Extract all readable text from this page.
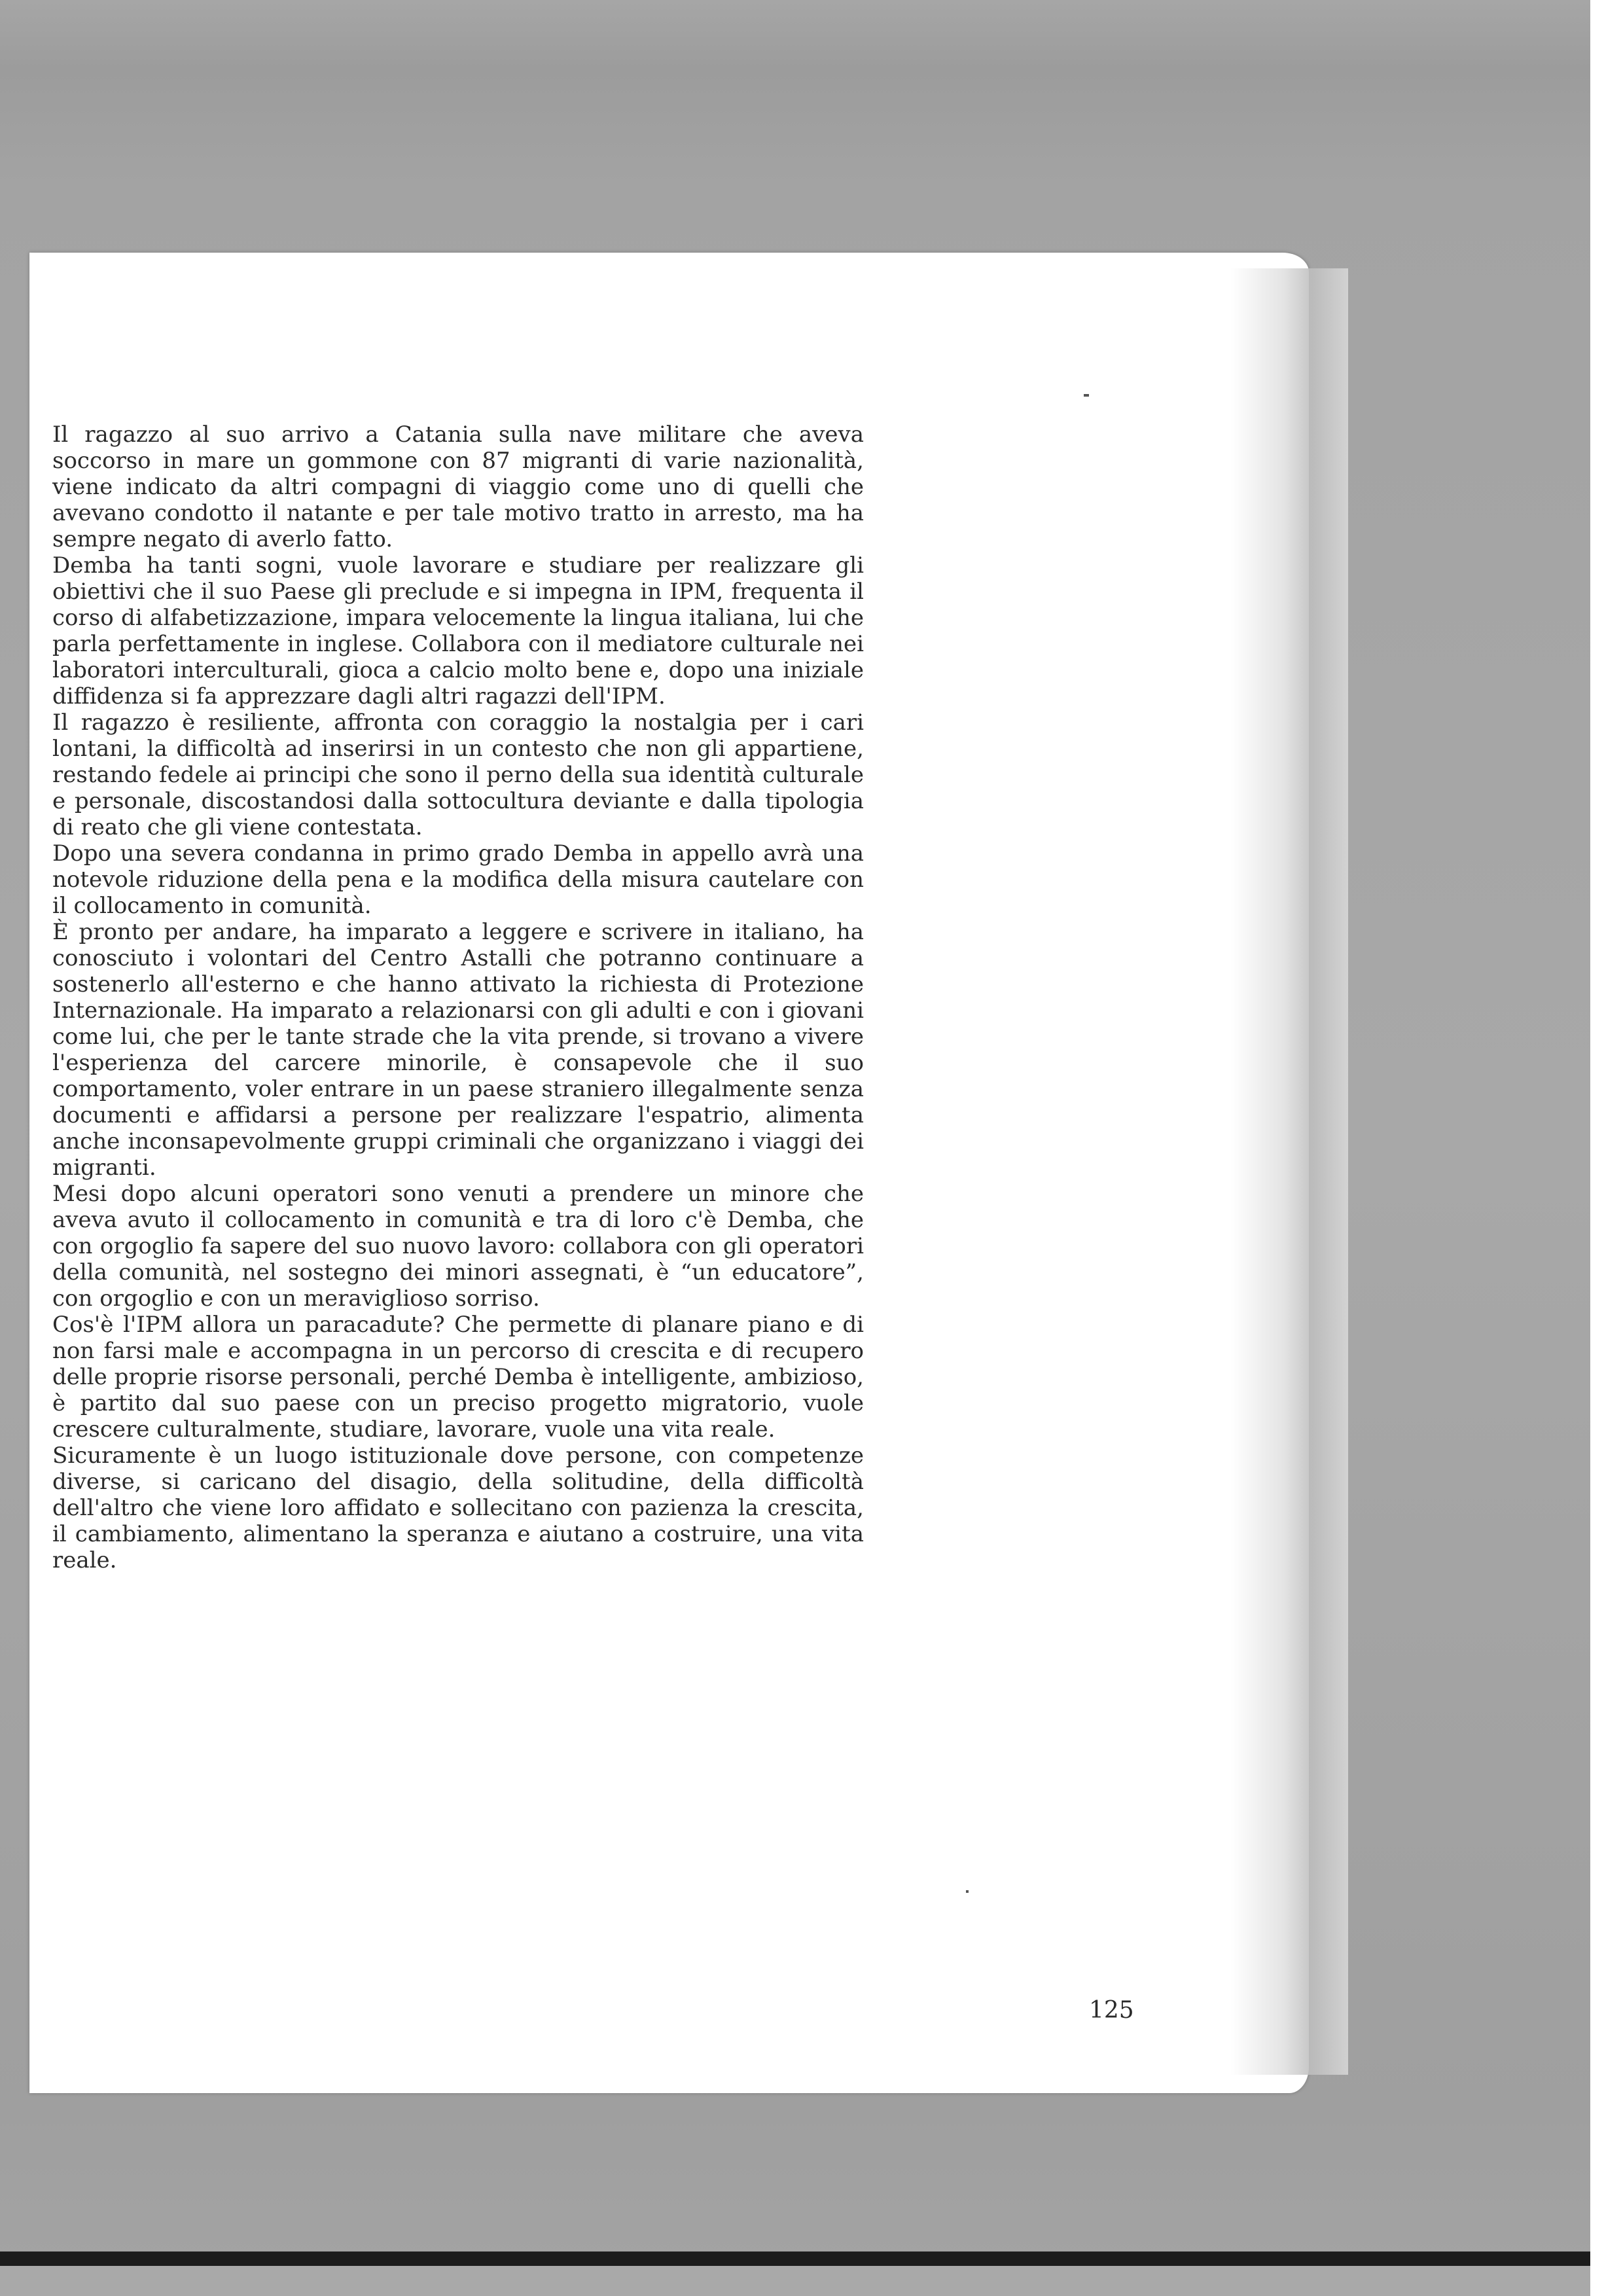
Il ragazzo al suo arrivo a Catania sulla nave militare che aveva soccorso in mare un gommone con 87 migranti di varie nazionalità, viene indicato da altri compagni di viaggio come uno di quelli che avevano condotto il natante e per tale motivo tratto in arresto, ma ha sempre negato di averlo fatto.

Demba ha tanti sogni, vuole lavorare e studiare per realizzare gli obiettivi che il suo Paese gli preclude e si impegna in IPM, frequenta il corso di alfabetizzazione, impara velocemente la lingua italiana, lui che parla perfettamente in inglese. Collabora con il mediatore culturale nei laboratori interculturali, gioca a calcio molto bene e, dopo una iniziale diffidenza si fa apprezzare dagli altri ragazzi dell'IPM.

Il ragazzo è resiliente, affronta con coraggio la nostalgia per i cari lontani, la difficoltà ad inserirsi in un contesto che non gli appartiene, restando fedele ai principi che sono il perno della sua identità culturale e personale, discostandosi dalla sottocultura deviante e dalla tipologia di reato che gli viene contestata.

Dopo una severa condanna in primo grado Demba in appello avrà una notevole riduzione della pena e la modifica della misura cautelare con il collocamento in comunità.

È pronto per andare, ha imparato a leggere e scrivere in italiano, ha conosciuto i volontari del Centro Astalli che potranno continuare a sostenerlo all'esterno e che hanno attivato la richiesta di Protezione Internazionale. Ha imparato a relazionarsi con gli adulti e con i giovani come lui, che per le tante strade che la vita prende, si trovano a vivere l'esperienza del carcere minorile, è consapevole che il suo comportamento, voler entrare in un paese straniero illegalmente senza documenti e affidarsi a persone per realizzare l'espatrio, alimenta anche inconsapevolmente gruppi criminali che organizzano i viaggi dei migranti.

Mesi dopo alcuni operatori sono venuti a prendere un minore che aveva avuto il collocamento in comunità e tra di loro c'è Demba, che con orgoglio fa sapere del suo nuovo lavoro: collabora con gli operatori della comunità, nel sostegno dei minori assegnati, è “un educatore”, con orgoglio e con un meraviglioso sorriso.

Cos'è l'IPM allora un paracadute? Che permette di planare piano e di non farsi male e accompagna in un percorso di crescita e di recupero delle proprie risorse personali, perché Demba è intelligente, ambizioso, è partito dal suo paese con un preciso progetto migratorio, vuole crescere culturalmente, studiare, lavorare, vuole una vita reale.

Sicuramente è un luogo istituzionale dove persone, con competenze diverse, si caricano del disagio, della solitudine, della difficoltà dell'altro che viene loro affidato e sollecitano con pazienza la crescita, il cambiamento, alimentano la speranza e aiutano a costruire, una vita reale.

125
